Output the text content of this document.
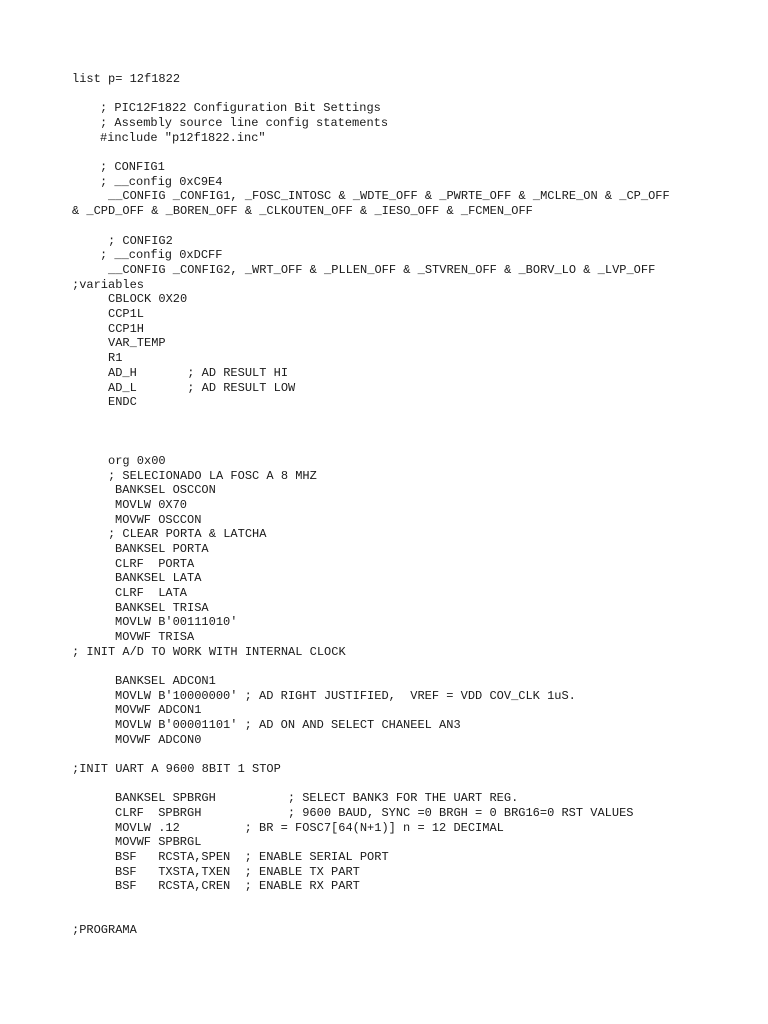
list p= 12f1822
; PIC12F1822 Configuration Bit Settings
; Assembly source line config statements
#include "p12f1822.inc"
; CONFIG1
; __config 0xC9E4
__CONFIG _CONFIG1, _FOSC_INTOSC & _WDTE_OFF & _PWRTE_OFF & _MCLRE_ON & _CP_OFF
& _CPD_OFF & _BOREN_OFF & _CLKOUTEN_OFF & _IESO_OFF & _FCMEN_OFF
; CONFIG2
; __config 0xDCFF
__CONFIG _CONFIG2, _WRT_OFF & _PLLEN_OFF & _STVREN_OFF & _BORV_LO & _LVP_OFF
;variables
CBLOCK 0X20
CCP1L
CCP1H
VAR_TEMP
R1
AD_H       ; AD RESULT HI
AD_L       ; AD RESULT LOW
ENDC
org 0x00
; SELECIONADO LA FOSC A 8 MHZ
BANKSEL OSCCON
MOVLW 0X70
MOVWF OSCCON
; CLEAR PORTA & LATCHA
BANKSEL PORTA
CLRF  PORTA
BANKSEL LATA
CLRF  LATA
BANKSEL TRISA
MOVLW B'00111010'
MOVWF TRISA
; INIT A/D TO WORK WITH INTERNAL CLOCK
BANKSEL ADCON1
MOVLW B'10000000' ; AD RIGHT JUSTIFIED,  VREF = VDD COV_CLK 1uS.
MOVWF ADCON1
MOVLW B'00001101' ; AD ON AND SELECT CHANEEL AN3
MOVWF ADCON0
;INIT UART A 9600 8BIT 1 STOP
BANKSEL SPBRGH          ; SELECT BANK3 FOR THE UART REG.
CLRF  SPBRGH            ; 9600 BAUD, SYNC =0 BRGH = 0 BRG16=0 RST VALUES
MOVLW .12         ; BR = FOSC7[64(N+1)] n = 12 DECIMAL
MOVWF SPBRGL
BSF   RCSTA,SPEN  ; ENABLE SERIAL PORT
BSF   TXSTA,TXEN  ; ENABLE TX PART
BSF   RCSTA,CREN  ; ENABLE RX PART
;PROGRAMA
